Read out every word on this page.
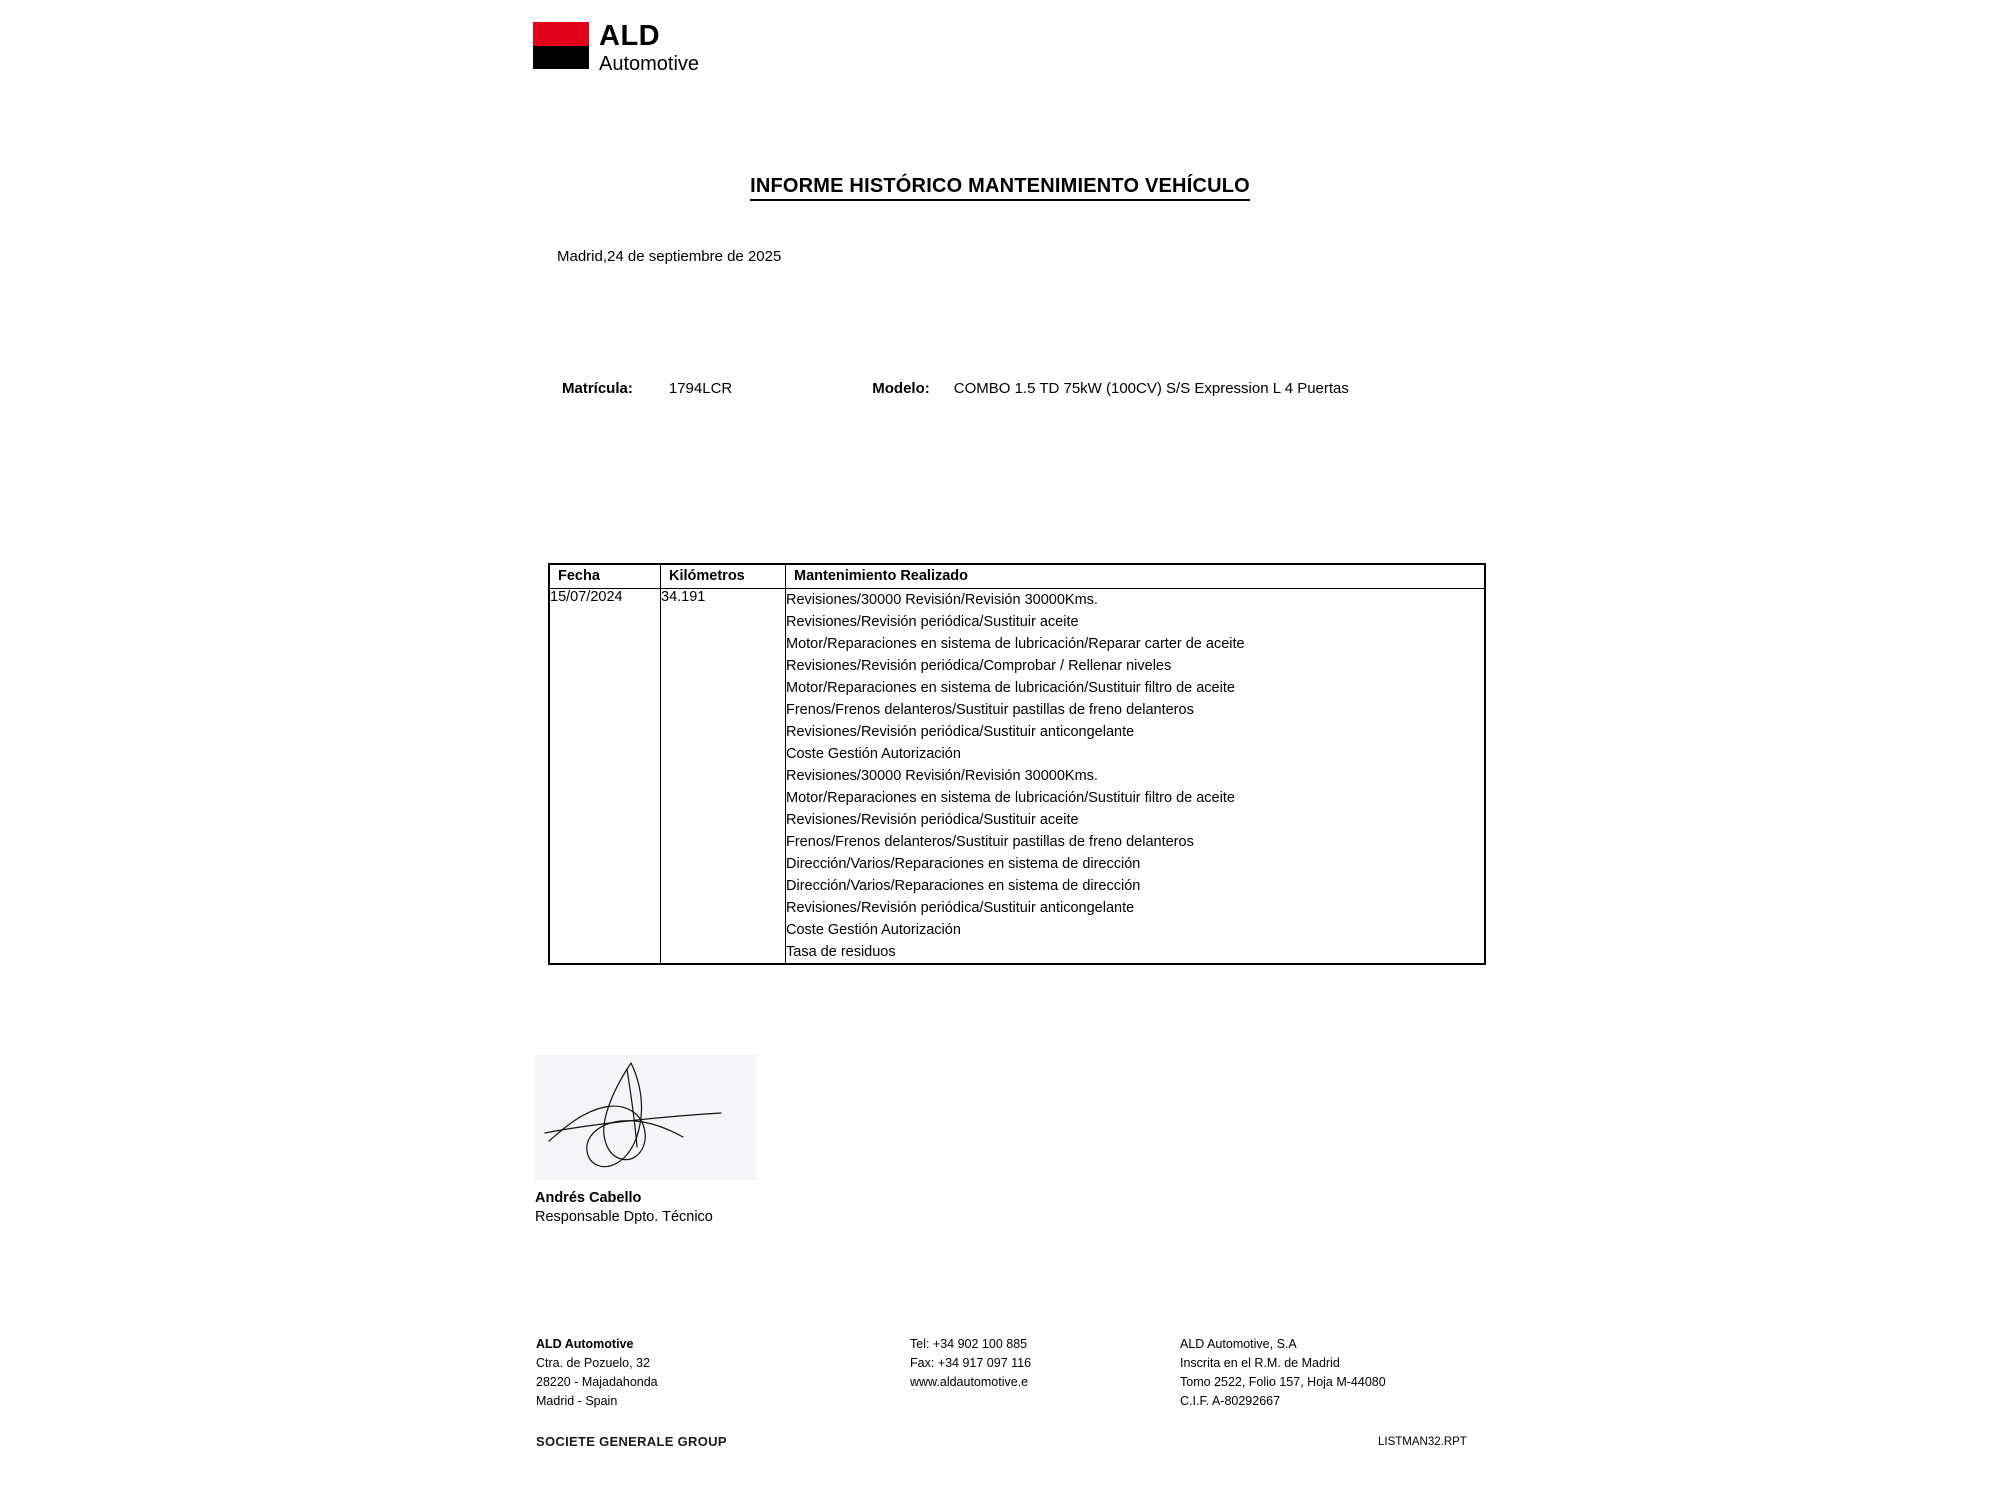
ALD
Automotive
INFORME HISTÓRICO MANTENIMIENTO VEHÍCULO
Madrid,24 de septiembre de 2025
Matrícula: 1794LCR	Modelo: COMBO 1.5 TD 75kW (100CV) S/S Expression L 4 Puertas
Fecha	Kilómetros	Mantenimiento Realizado
15/07/2024	34.191	Revisiones/30000 Revisión/Revisión 30000Kms.
Revisiones/Revisión periódica/Sustituir aceite
Motor/Reparaciones en sistema de lubricación/Reparar carter de aceite
Revisiones/Revisión periódica/Comprobar / Rellenar niveles
Motor/Reparaciones en sistema de lubricación/Sustituir filtro de aceite
Frenos/Frenos delanteros/Sustituir pastillas de freno delanteros
Revisiones/Revisión periódica/Sustituir anticongelante
Coste Gestión Autorización
Revisiones/30000 Revisión/Revisión 30000Kms.
Motor/Reparaciones en sistema de lubricación/Sustituir filtro de aceite
Revisiones/Revisión periódica/Sustituir aceite
Frenos/Frenos delanteros/Sustituir pastillas de freno delanteros
Dirección/Varios/Reparaciones en sistema de dirección
Dirección/Varios/Reparaciones en sistema de dirección
Revisiones/Revisión periódica/Sustituir anticongelante
Coste Gestión Autorización
Tasa de residuos
Andrés Cabello
Responsable Dpto. Técnico
ALD Automotive
Ctra. de Pozuelo, 32
28220 - Majadahonda
Madrid - Spain
Tel: +34 902 100 885
Fax: +34 917 097 116
www.aldautomotive.e
ALD Automotive, S.A
Inscrita en el R.M. de Madrid
Tomo 2522, Folio 157, Hoja M-44080
C.I.F. A-80292667
SOCIETE GENERALE GROUP	LISTMAN32.RPT
